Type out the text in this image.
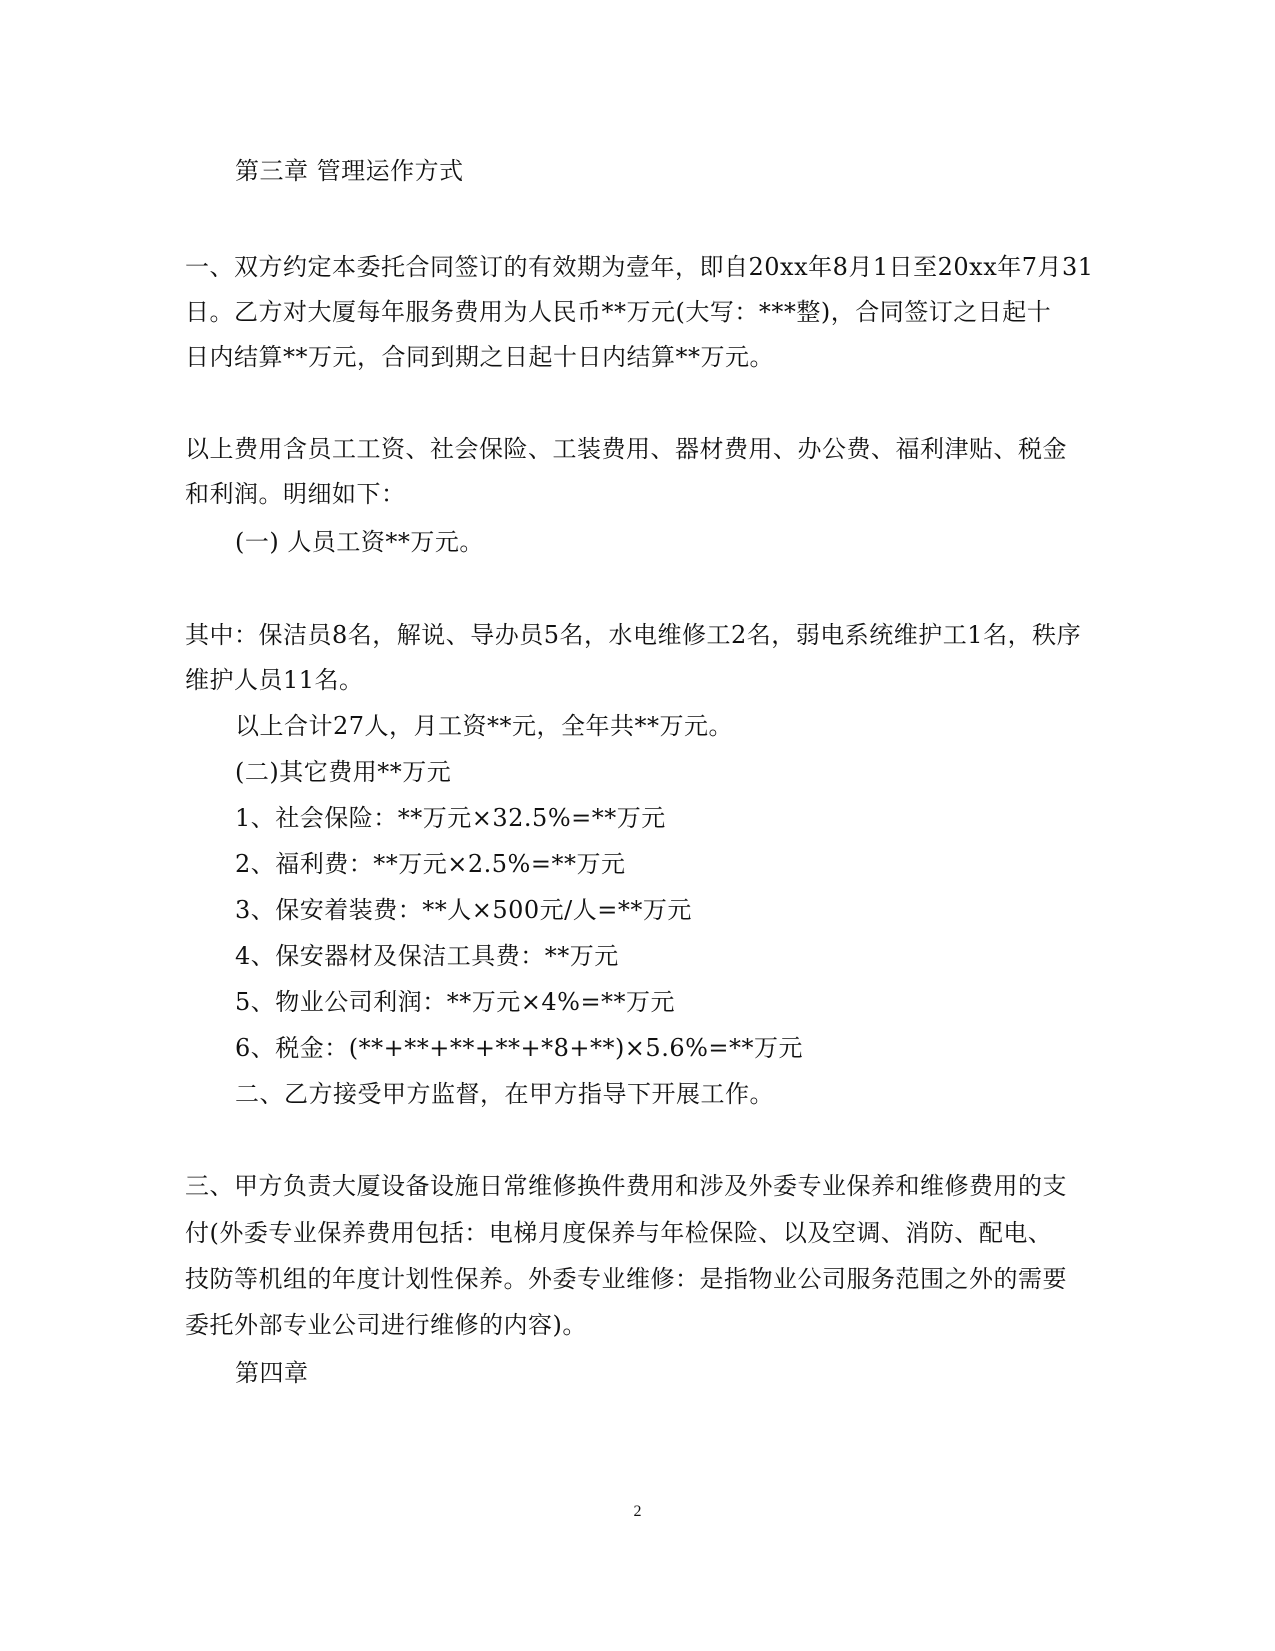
第三章 管理运作方式
一、双方约定本委托合同签订的有效期为壹年，即自20xx年8月1日至20xx年7月31
日。乙方对大厦每年服务费用为人民币**万元(大写：***整)，合同签订之日起十
日内结算**万元，合同到期之日起十日内结算**万元。
以上费用含员工工资、社会保险、工装费用、器材费用、办公费、福利津贴、税金
和利润。明细如下：
(一) 人员工资**万元。
其中：保洁员8名，解说、导办员5名，水电维修工2名，弱电系统维护工1名，秩序
维护人员11名。
以上合计27人，月工资**元，全年共**万元。
(二)其它费用**万元
1、社会保险：**万元×32.5%=**万元
2、福利费：**万元×2.5%=**万元
3、保安着装费：**人×500元/人=**万元
4、保安器材及保洁工具费：**万元
5、物业公司利润：**万元×4%=**万元
6、税金：(**+**+**+**+*8+**)×5.6%=**万元
二、乙方接受甲方监督，在甲方指导下开展工作。
三、甲方负责大厦设备设施日常维修换件费用和涉及外委专业保养和维修费用的支
付(外委专业保养费用包括：电梯月度保养与年检保险、以及空调、消防、配电、
技防等机组的年度计划性保养。外委专业维修：是指物业公司服务范围之外的需要
委托外部专业公司进行维修的内容)。
第四章
2
